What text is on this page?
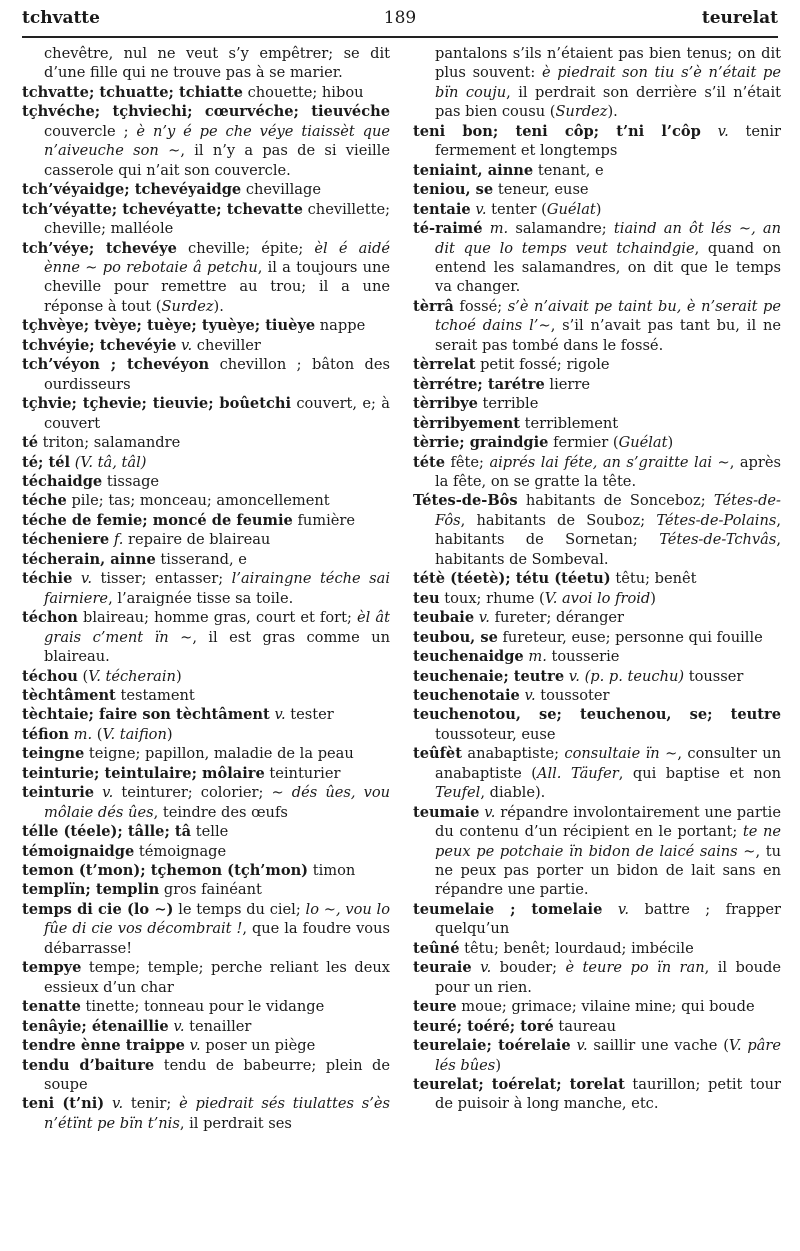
tchvatte	189	teurelat

chevêtre, nul ne veut s’y empêtrer; se dit d’une fille qui ne trouve pas à se marier.

tchvatte; tchuatte; tchiatte chouette; hibou

tçhvéche; tçhviechi; cœurvéche; tieuvéche couvercle ; è n’y é pe che véye tiaissèt que n’aiveuche son ∼, il n’y a pas de si vieille casserole qui n’ait son couvercle.

tch’véyaidge; tchevéyaidge chevillage

tch’véyatte; tchevéyatte; tchevatte chevillette; cheville; malléole

tch’véye; tchevéye cheville; épite; èl é aidé ènne ∼ po rebotaie â petchu, il a toujours une cheville pour remettre au trou; il a une réponse à tout (Surdez).

tçhvèye; tvèye; tuèye; tyuèye; tiuèye nappe

tchvéyie; tchevéyie v. cheviller

tch’véyon ; tchevéyon chevillon ; bâton des ourdisseurs

tçhvie; tçhevie; tieuvie; boûetchi couvert, e; à couvert

té triton; salamandre

té; tél (V. tâ, tâl)

téchaidge tissage

téche pile; tas; monceau; amoncellement

téche de femie; moncé de feumie fumière

técheniere f. repaire de blaireau

técherain, ainne tisserand, e

téchie v. tisser; entasser; l’airaingne téche sai fairniere, l’araignée tisse sa toile.

téchon blaireau; homme gras, court et fort; èl ât grais c’ment ïn ∼, il est gras comme un blaireau.

téchou (V. técherain)

tèchtâment testament

tèchtaie; faire son tèchtâment v. tester

téfion m. (V. taifion)

teingne teigne; papillon, maladie de la peau

teinturie; teintulaire; môlaire teinturier

teinturie v. teinturer; colorier; ∼ dés ûes, vou môlaie dés ûes, teindre des œufs

télle (téele); tâlle; tâ telle

témoignaidge témoignage

temon (t’mon); tçhemon (tçh’mon) timon

templïn; templin gros fainéant

temps di cie (lo ∼) le temps du ciel; lo ∼, vou lo fûe di cie vos décombrait !, que la foudre vous débarrasse!

tempye tempe; temple; perche reliant les deux essieux d’un char

tenatte tinette; tonneau pour le vidange

tenâyie; étenaillie v. tenailler

tendre ènne traippe v. poser un piège

tendu d’baiture tendu de babeurre; plein de soupe

teni (t’ni) v. tenir; è piedrait sés tiulattes s’ès n’étïnt pe bïn t’nis, il perdrait ses

pantalons s’ils n’étaient pas bien tenus; on dit plus souvent: è piedrait son tiu s’è n’était pe bïn couju, il perdrait son derrière s’il n’était pas bien cousu (Surdez).

teni bon; teni côp; t’ni l’côp v. tenir fermement et longtemps

teniaint, ainne tenant, e

teniou, se teneur, euse

tentaie v. tenter (Guélat)

té-raimé m. salamandre; tiaind an ôt lés ∼, an dit que lo temps veut tchaindgie, quand on entend les salamandres, on dit que le temps va changer.

tèrrâ fossé; s’è n’aivait pe taint bu, è n’serait pe tchoé dains l’∼, s’il n’avait pas tant bu, il ne serait pas tombé dans le fossé.

tèrrelat petit fossé; rigole

tèrrétre; tarétre lierre

tèrribye terrible

tèrribyement terriblement

tèrrie; graindgie fermier (Guélat)

téte fête; aiprés lai féte, an s’graitte lai ∼, après la fête, on se gratte la tête.

Tétes-de-Bôs habitants de Sonceboz; Tétes-de-Fôs, habitants de Souboz; Tétes-de-Polains, habitants de Sornetan; Tétes-de-Tchvâs, habitants de Sombeval.

tétè (téetè); tétu (téetu) têtu; benêt

teu toux; rhume (V. avoi lo froid)

teubaie v. fureter; déranger

teubou, se fureteur, euse; personne qui fouille

teuchenaidge m. tousserie

teuchenaie; teutre v. (p. p. teuchu) tousser

teuchenotaie v. toussoter

teuchenotou, se; teuchenou, se; teutre toussoteur, euse

teûfèt anabaptiste; consultaie ïn ∼, consulter un anabaptiste (All. Täufer, qui baptise et non Teufel, diable).

teumaie v. répandre involontairement une partie du contenu d’un récipient en le portant; te ne peux pe potchaie ïn bidon de laicé sains ∼, tu ne peux pas porter un bidon de lait sans en répandre une partie.

teumelaie ; tomelaie v. battre ; frapper quelqu’un

teûné têtu; benêt; lourdaud; imbécile

teuraie v. bouder; è teure po ïn ran, il boude pour un rien.

teure moue; grimace; vilaine mine; qui boude

teuré; toéré; toré taureau

teurelaie; toérelaie v. saillir une vache (V. pâre lés bûes)

teurelat; toérelat; torelat taurillon; petit tour de puisoir à long manche, etc.
